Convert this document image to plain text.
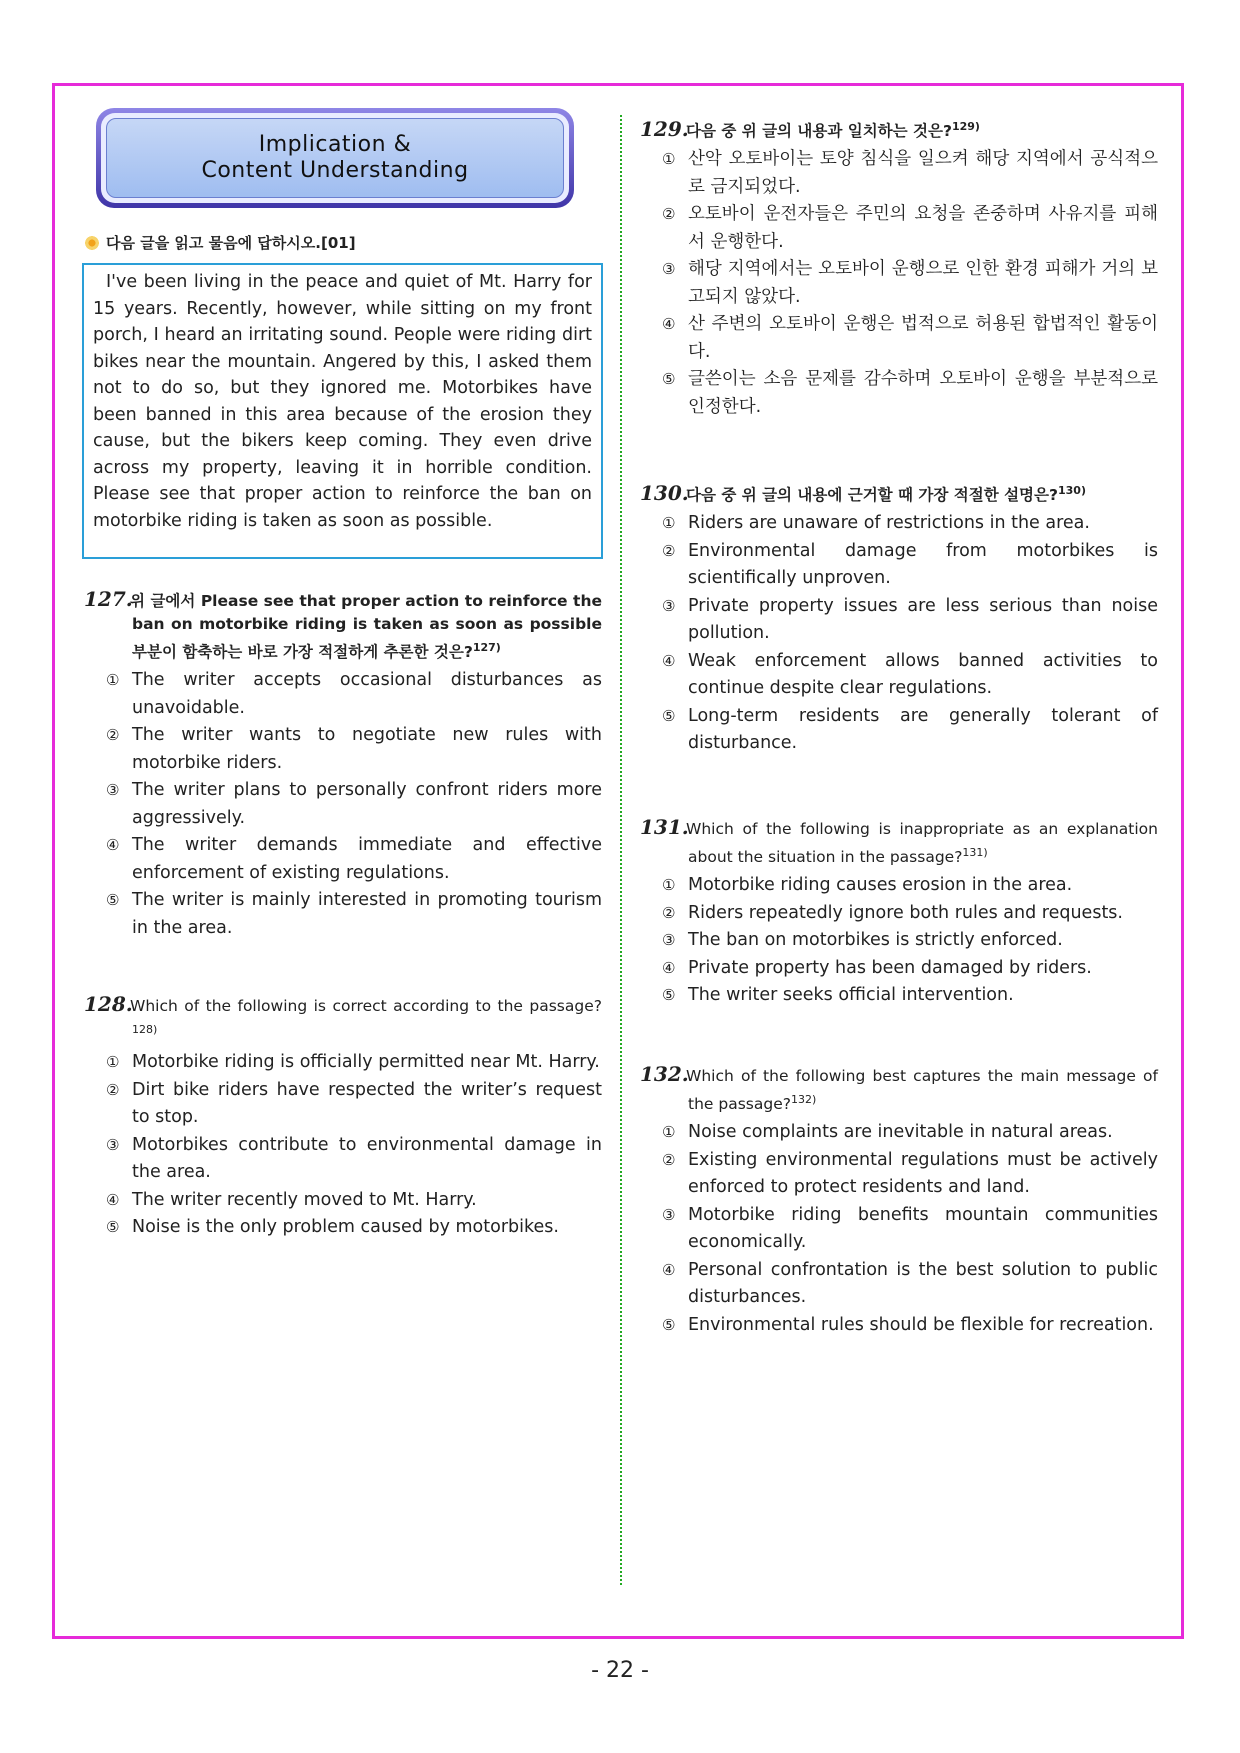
Implication &
Content Understanding
다음 글을 읽고 물음에 답하시오.[01]
I've been living in the peace and quiet of Mt. Harry for 15 years. Recently, however, while sitting on my front porch, I heard an irritating sound. People were riding dirt bikes near the mountain. Angered by this, I asked them not to do so, but they ignored me. Motorbikes have been banned in this area because of the erosion they cause, but the bikers keep coming. They even drive across my property, leaving it in horrible condition. Please see that proper action to reinforce the ban on motorbike riding is taken as soon as possible.
127.위 글에서 Please see that proper action to reinforce the ban on motorbike riding is taken as soon as possible 부분이 함축하는 바로 가장 적절하게 추론한 것은?$^{127)}$
① The writer accepts occasional disturbances as unavoidable.
② The writer wants to negotiate new rules with motorbike riders.
③ The writer plans to personally confront riders more aggressively.
④ The writer demands immediate and effective enforcement of existing regulations.
⑤ The writer is mainly interested in promoting tourism in the area.
128.Which of the following is correct according to the passage?$^{128)}$
① Motorbike riding is officially permitted near Mt. Harry.
② Dirt bike riders have respected the writer’s request to stop.
③ Motorbikes contribute to environmental damage in the area.
④ The writer recently moved to Mt. Harry.
⑤ Noise is the only problem caused by motorbikes.
129.다음 중 위 글의 내용과 일치하는 것은?$^{129)}$
① 산악 오토바이는 토양 침식을 일으켜 해당 지역에서 공식적으로 금지되었다.
② 오토바이 운전자들은 주민의 요청을 존중하며 사유지를 피해서 운행한다.
③ 해당 지역에서는 오토바이 운행으로 인한 환경 피해가 거의 보고되지 않았다.
④ 산 주변의 오토바이 운행은 법적으로 허용된 합법적인 활동이다.
⑤ 글쓴이는 소음 문제를 감수하며 오토바이 운행을 부분적으로 인정한다.
130.다음 중 위 글의 내용에 근거할 때 가장 적절한 설명은?$^{130)}$
① Riders are unaware of restrictions in the area.
② Environmental damage from motorbikes is scientifically unproven.
③ Private property issues are less serious than noise pollution.
④ Weak enforcement allows banned activities to continue despite clear regulations.
⑤ Long-term residents are generally tolerant of disturbance.
131.Which of the following is inappropriate as an explanation about the situation in the passage?$^{131)}$
① Motorbike riding causes erosion in the area.
② Riders repeatedly ignore both rules and requests.
③ The ban on motorbikes is strictly enforced.
④ Private property has been damaged by riders.
⑤ The writer seeks official intervention.
132.Which of the following best captures the main message of the passage?$^{132)}$
① Noise complaints are inevitable in natural areas.
② Existing environmental regulations must be actively enforced to protect residents and land.
③ Motorbike riding benefits mountain communities economically.
④ Personal confrontation is the best solution to public disturbances.
⑤ Environmental rules should be flexible for recreation.
- 22 -
